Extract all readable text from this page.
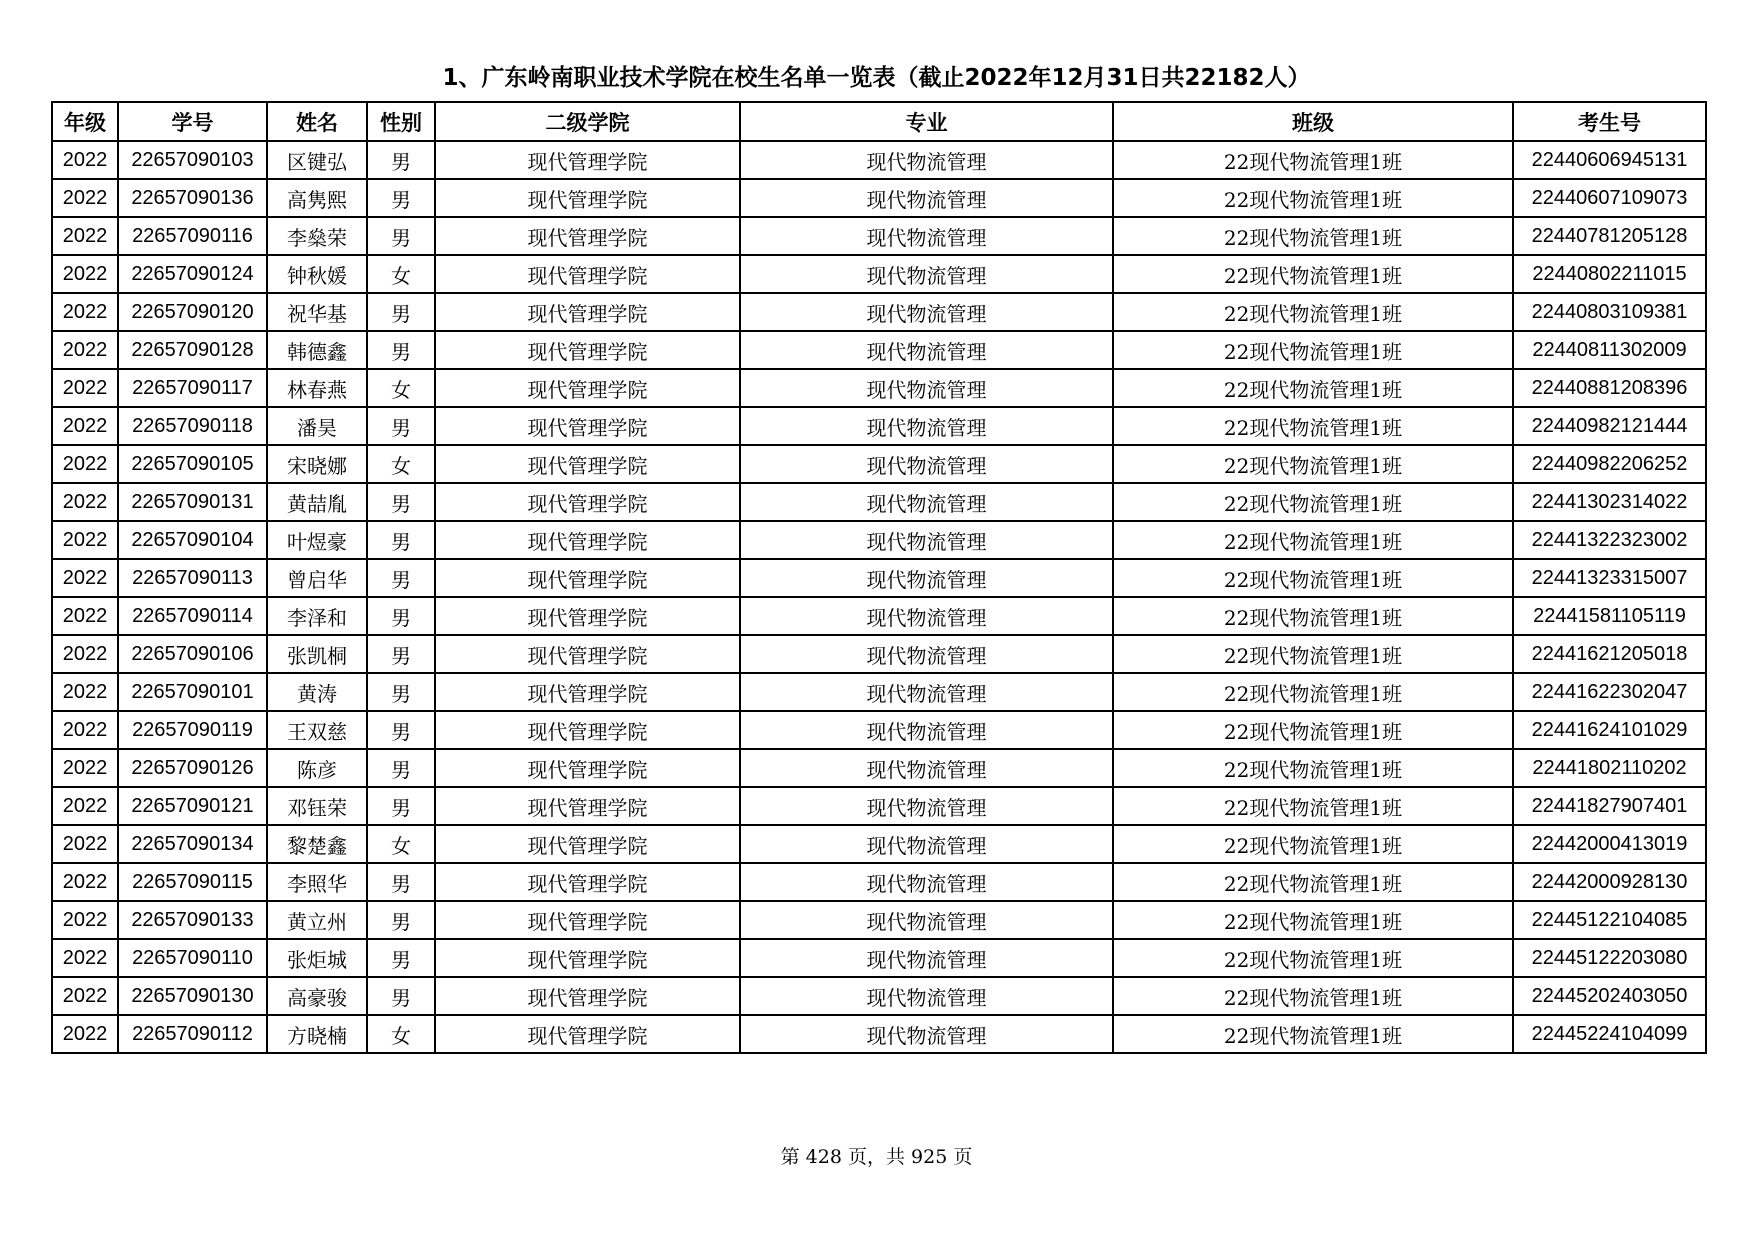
1、广东岭南职业技术学院在校生名单一览表（截止2022年12月31日共22182人）
年级	学号	姓名	性别	二级学院	专业	班级	考生号
2022	22657090103	区键弘	男	现代管理学院	现代物流管理	22现代物流管理1班	22440606945131
2022	22657090136	高隽熙	男	现代管理学院	现代物流管理	22现代物流管理1班	22440607109073
2022	22657090116	李燊荣	男	现代管理学院	现代物流管理	22现代物流管理1班	22440781205128
2022	22657090124	钟秋媛	女	现代管理学院	现代物流管理	22现代物流管理1班	22440802211015
2022	22657090120	祝华基	男	现代管理学院	现代物流管理	22现代物流管理1班	22440803109381
2022	22657090128	韩德鑫	男	现代管理学院	现代物流管理	22现代物流管理1班	22440811302009
2022	22657090117	林春燕	女	现代管理学院	现代物流管理	22现代物流管理1班	22440881208396
2022	22657090118	潘昊	男	现代管理学院	现代物流管理	22现代物流管理1班	22440982121444
2022	22657090105	宋晓娜	女	现代管理学院	现代物流管理	22现代物流管理1班	22440982206252
2022	22657090131	黄喆胤	男	现代管理学院	现代物流管理	22现代物流管理1班	22441302314022
2022	22657090104	叶煜豪	男	现代管理学院	现代物流管理	22现代物流管理1班	22441322323002
2022	22657090113	曾启华	男	现代管理学院	现代物流管理	22现代物流管理1班	22441323315007
2022	22657090114	李泽和	男	现代管理学院	现代物流管理	22现代物流管理1班	22441581105119
2022	22657090106	张凯桐	男	现代管理学院	现代物流管理	22现代物流管理1班	22441621205018
2022	22657090101	黄涛	男	现代管理学院	现代物流管理	22现代物流管理1班	22441622302047
2022	22657090119	王双慈	男	现代管理学院	现代物流管理	22现代物流管理1班	22441624101029
2022	22657090126	陈彦	男	现代管理学院	现代物流管理	22现代物流管理1班	22441802110202
2022	22657090121	邓钰荣	男	现代管理学院	现代物流管理	22现代物流管理1班	22441827907401
2022	22657090134	黎楚鑫	女	现代管理学院	现代物流管理	22现代物流管理1班	22442000413019
2022	22657090115	李照华	男	现代管理学院	现代物流管理	22现代物流管理1班	22442000928130
2022	22657090133	黄立州	男	现代管理学院	现代物流管理	22现代物流管理1班	22445122104085
2022	22657090110	张炬城	男	现代管理学院	现代物流管理	22现代物流管理1班	22445122203080
2022	22657090130	高豪骏	男	现代管理学院	现代物流管理	22现代物流管理1班	22445202403050
2022	22657090112	方晓楠	女	现代管理学院	现代物流管理	22现代物流管理1班	22445224104099
第 428 页，共 925 页
